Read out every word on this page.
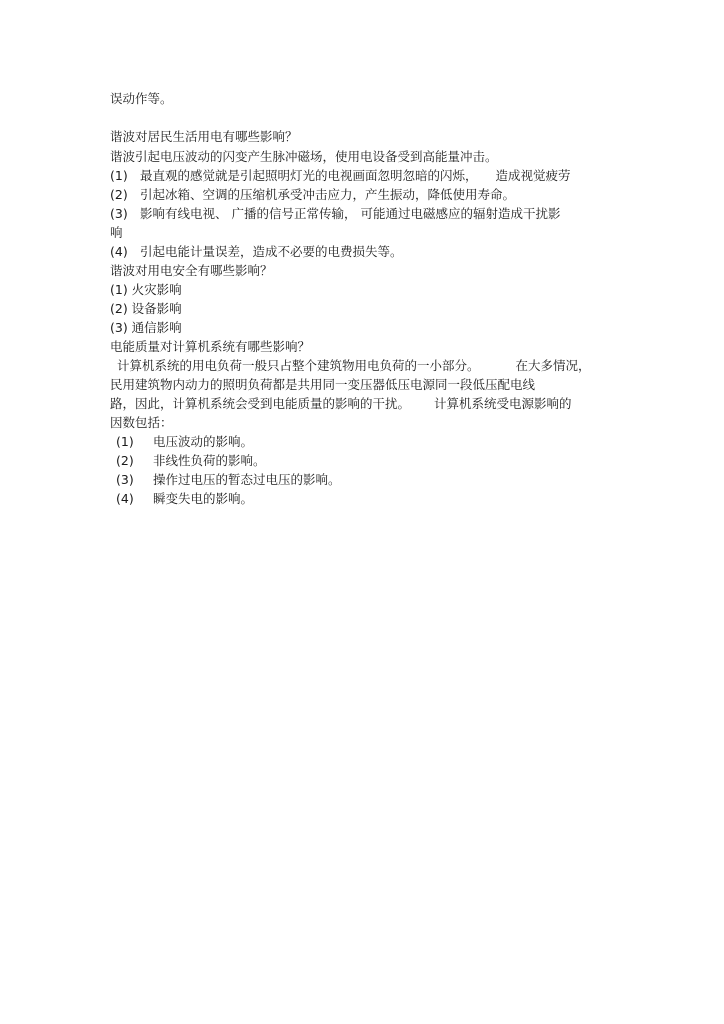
误动作等。
谐波对居民生活用电有哪些影响？
谐波引起电压波动的闪变产生脉冲磁场，使用电设备受到高能量冲击。
(1) 最直观的感觉就是引起照明灯光的电视画面忽明忽暗的闪烁， 造成视觉疲劳
(2) 引起冰箱、空调的压缩机承受冲击应力，产生振动，降低使用寿命。
(3) 影响有线电视、 广播的信号正常传输， 可能通过电磁感应的辐射造成干扰影
响
(4) 引起电能计量误差，造成不必要的电费损失等。
谐波对用电安全有哪些影响？
(1) 火灾影响
(2) 设备影响
(3) 通信影响
电能质量对计算机系统有哪些影响？
计算机系统的用电负荷一般只占整个建筑物用电负荷的一小部分。	在大多情况，
民用建筑物内动力的照明负荷都是共用同一变压器低压电源同一段低压配电线
路，因此，计算机系统会受到电能质量的影响的干扰。 计算机系统受电源影响的
因数包括：
(1) 电压波动的影响。
(2) 非线性负荷的影响。
(3) 操作过电压的暂态过电压的影响。
(4) 瞬变失电的影响。
